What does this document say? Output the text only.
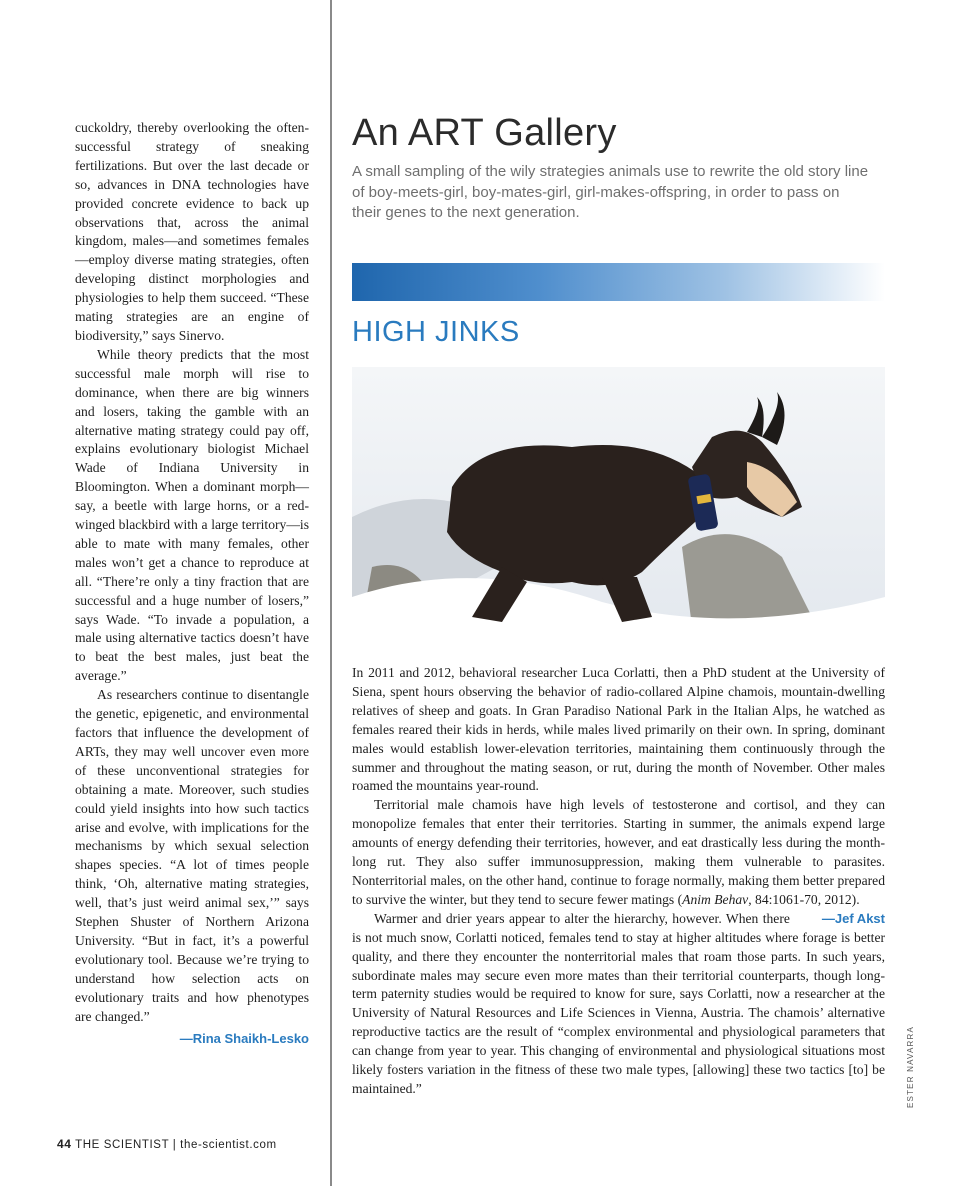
cuckoldry, thereby overlooking the often-successful strategy of sneaking fertilizations. But over the last decade or so, advances in DNA technologies have provided concrete evidence to back up observations that, across the animal kingdom, males—and sometimes females—employ diverse mating strategies, often developing distinct morphologies and physiologies to help them succeed. “These mating strategies are an engine of biodiversity,” says Sinervo.

While theory predicts that the most successful male morph will rise to dominance, when there are big winners and losers, taking the gamble with an alternative mating strategy could pay off, explains evolutionary biologist Michael Wade of Indiana University in Bloomington. When a dominant morph—say, a beetle with large horns, or a red-winged blackbird with a large territory—is able to mate with many females, other males won’t get a chance to reproduce at all. “There’re only a tiny fraction that are successful and a huge number of losers,” says Wade. “To invade a population, a male using alternative tactics doesn’t have to beat the best males, just beat the average.”

As researchers continue to disentangle the genetic, epigenetic, and environmental factors that influence the development of ARTs, they may well uncover even more of these unconventional strategies for obtaining a mate. Moreover, such studies could yield insights into how such tactics arise and evolve, with implications for the mechanisms by which sexual selection shapes species. “A lot of times people think, ‘Oh, alternative mating strategies, well, that’s just weird animal sex,’” says Stephen Shuster of Northern Arizona University. “But in fact, it’s a powerful evolutionary tool. Because we’re trying to understand how selection acts on evolutionary traits and how phenotypes are changed.”

—Rina Shaikh-Lesko
44 THE SCIENTIST | the-scientist.com
An ART Gallery

A small sampling of the wily strategies animals use to rewrite the old story line of boy-meets-girl, boy-mates-girl, girl-makes-offspring, in order to pass on their genes to the next generation.

HIGH JINKS
ESTER NAVARRA

In 2011 and 2012, behavioral researcher Luca Corlatti, then a PhD student at the University of Siena, spent hours observing the behavior of radio-collared Alpine chamois, mountain-dwelling relatives of sheep and goats. In Gran Paradiso National Park in the Italian Alps, he watched as females reared their kids in herds, while males lived primarily on their own. In spring, dominant males would establish lower-elevation territories, maintaining them continuously through the summer and throughout the mating season, or rut, during the month of November. Other males roamed the mountains year-round.

Territorial male chamois have high levels of testosterone and cortisol, and they can monopolize females that enter their territories. Starting in summer, the animals expend large amounts of energy defending their territories, however, and eat drastically less during the month-long rut. They also suffer immunosuppression, making them vulnerable to parasites. Nonterritorial males, on the other hand, continue to forage normally, making them better prepared to survive the winter, but they tend to secure fewer matings (Anim Behav, 84:1061-70, 2012).

—Jef Akst
Warmer and drier years appear to alter the hierarchy, however. When there is not much snow, Corlatti noticed, females tend to stay at higher altitudes where forage is better quality, and there they encounter the nonterritorial males that roam those parts. In such years, subordinate males may secure even more mates than their territorial counterparts, though long-term paternity studies would be required to know for sure, says Corlatti, now a researcher at the University of Natural Resources and Life Sciences in Vienna, Austria. The chamois’ alternative reproductive tactics are the result of “complex environmental and physiological parameters that can change from year to year. This changing of environmental and physiological situations most likely fosters variation in the fitness of these two male types, [allowing] these two tactics [to] be maintained.”
